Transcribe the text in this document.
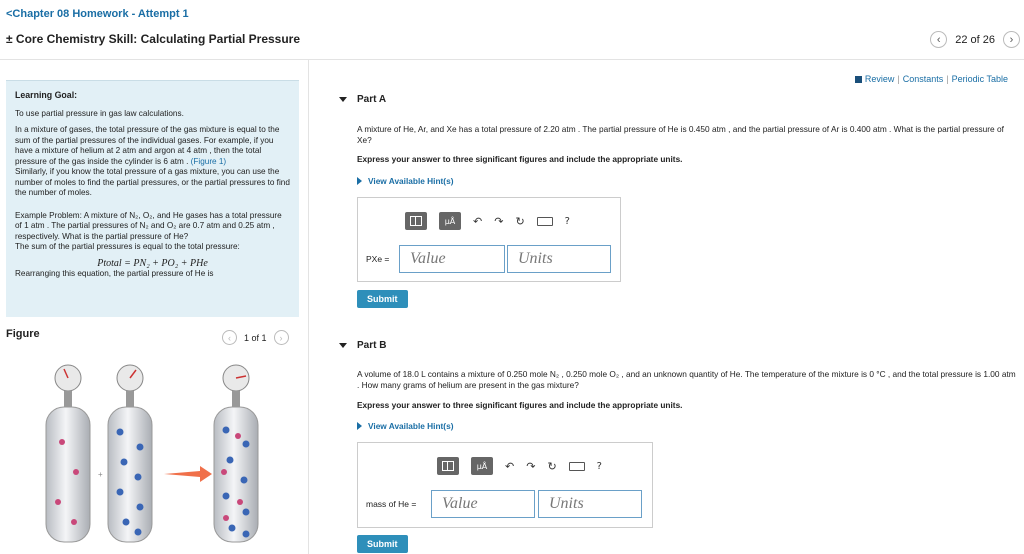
<Chapter 08 Homework - Attempt 1
± Core Chemistry Skill: Calculating Partial Pressure	‹	22 of 26	›
Review | Constants | Periodic Table

Learning Goal:

To use partial pressure in gas law calculations.

In a mixture of gases, the total pressure of the gas mixture is equal to the sum of the partial pressures of the individual gases. For example, if you have a mixture of helium at 2 atm and argon at 4 atm , then the total pressure of the gas inside the cylinder is 6 atm . (Figure 1)

Similarly, if you know the total pressure of a gas mixture, you can use the number of moles to find the partial pressures, or the partial pressures to find the number of moles.

Example Problem: A mixture of N₂, O₂, and He gases has a total pressure of 1 atm . The partial pressures of N₂ and O₂ are 0.7 atm and 0.25 atm , respectively. What is the partial pressure of He?

The sum of the partial pressures is equal to the total pressure:

Ptotal = PN₂ + PO₂ + PHe

Rearranging this equation, the partial pressure of He is

Figure	‹	1 of 1	›
+
Part A
A mixture of He, Ar, and Xe has a total pressure of 2.20 atm . The partial pressure of He is 0.450 atm , and the partial pressure of Ar is 0.400 atm . What is the partial pressure of Xe?
Express your answer to three significant figures and include the appropriate units.
View Available Hint(s)
μÅ	↶ ↷ ↻	?
PXe =	Value	Units
Submit
Part B
A volume of 18.0 L contains a mixture of 0.250 mole N₂ , 0.250 mole O₂ , and an unknown quantity of He. The temperature of the mixture is 0 °C , and the total pressure is 1.00 atm . How many grams of helium are present in the gas mixture?
Express your answer to three significant figures and include the appropriate units.
View Available Hint(s)
μÅ	↶ ↷ ↻	?
mass of He =	Value	Units
Submit
